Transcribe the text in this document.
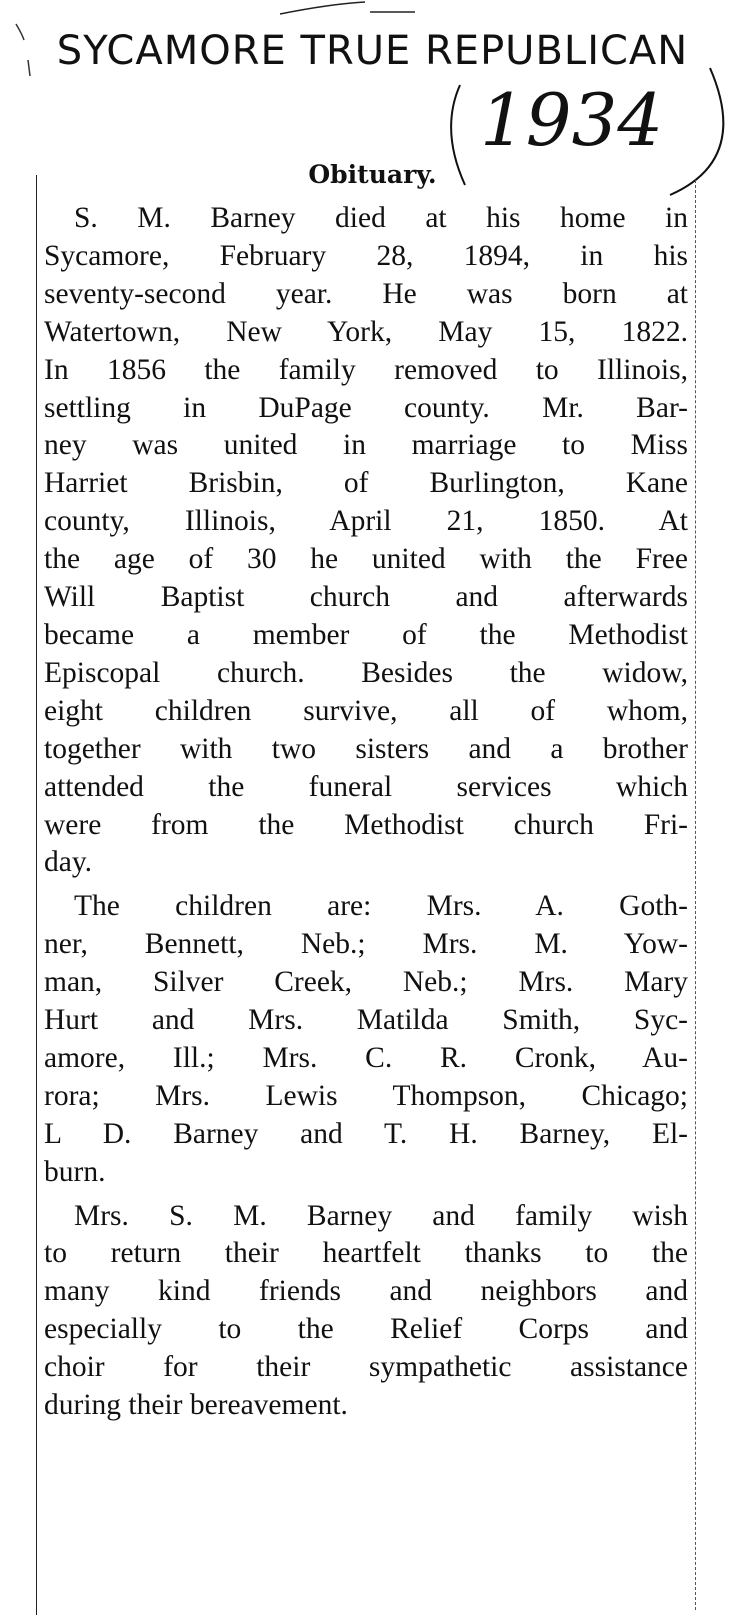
SYCAMORE TRUE REPUBLICAN
1934
Obituary.
S. M. Barney died at his home in
Sycamore, February 28, 1894, in his
seventy-second year. He was born at
Watertown, New York, May 15, 1822.
In 1856 the family removed to Illinois,
settling in DuPage county. Mr. Bar-
ney was united in marriage to Miss
Harriet Brisbin, of Burlington, Kane
county, Illinois, April 21, 1850. At
the age of 30 he united with the Free
Will Baptist church and afterwards
became a member of the Methodist
Episcopal church. Besides the widow,
eight children survive, all of whom,
together with two sisters and a brother
attended the funeral services which
were from the Methodist church Fri-
day.
The children are: Mrs. A. Goth-
ner, Bennett, Neb.; Mrs. M. Yow-
man, Silver Creek, Neb.; Mrs. Mary
Hurt and Mrs. Matilda Smith, Syc-
amore, Ill.; Mrs. C. R. Cronk, Au-
rora; Mrs. Lewis Thompson, Chicago;
L D. Barney and T. H. Barney, El-
burn.
Mrs. S. M. Barney and family wish
to return their heartfelt thanks to the
many kind friends and neighbors and
especially to the Relief Corps and
choir for their sympathetic assistance
during their bereavement.
